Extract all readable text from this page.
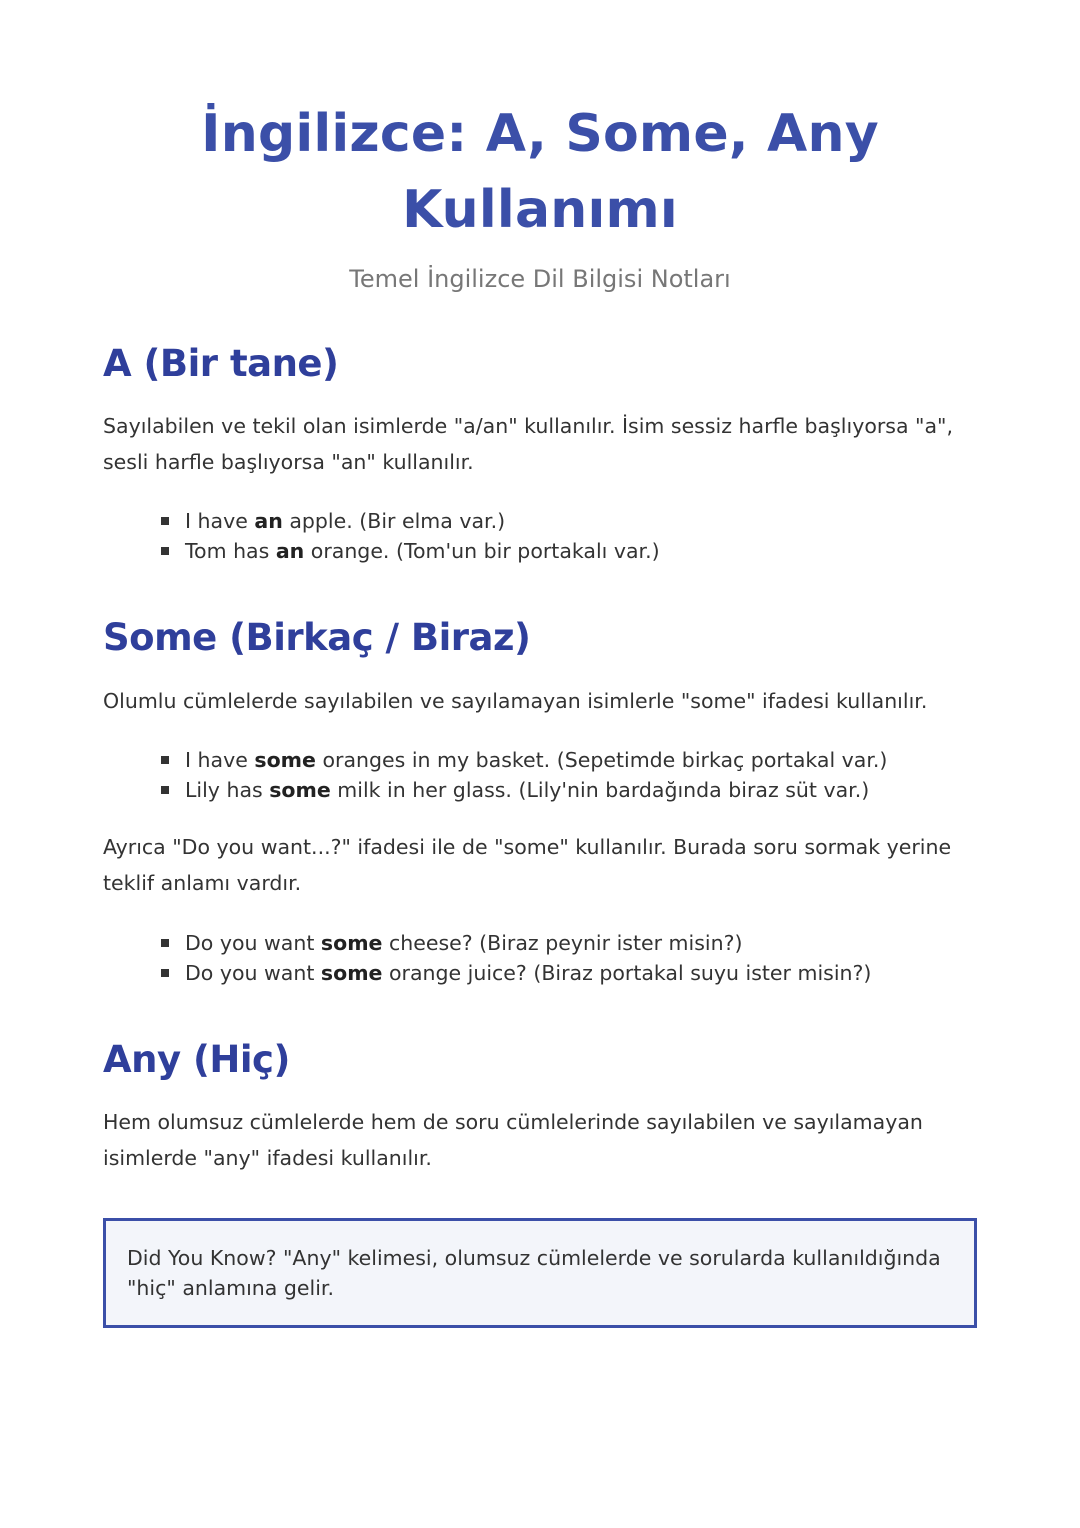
İngilizce: A, Some, Any Kullanımı
Temel İngilizce Dil Bilgisi Notları
A (Bir tane)

Sayılabilen ve tekil olan isimlerde "a/an" kullanılır. İsim sessiz harfle başlıyorsa "a", sesli harfle başlıyorsa "an" kullanılır.

I have an apple. (Bir elma var.)
Tom has an orange. (Tom'un bir portakalı var.)
Some (Birkaç / Biraz)

Olumlu cümlelerde sayılabilen ve sayılamayan isimlerle "some" ifadesi kullanılır.

I have some oranges in my basket. (Sepetimde birkaç portakal var.)
Lily has some milk in her glass. (Lily'nin bardağında biraz süt var.)

Ayrıca "Do you want...?" ifadesi ile de "some" kullanılır. Burada soru sormak yerine teklif anlamı vardır.

Do you want some cheese? (Biraz peynir ister misin?)
Do you want some orange juice? (Biraz portakal suyu ister misin?)
Any (Hiç)

Hem olumsuz cümlelerde hem de soru cümlelerinde sayılabilen ve sayılamayan isimlerde "any" ifadesi kullanılır.

Did You Know? "Any" kelimesi, olumsuz cümlelerde ve sorularda kullanıldığında "hiç" anlamına gelir.
